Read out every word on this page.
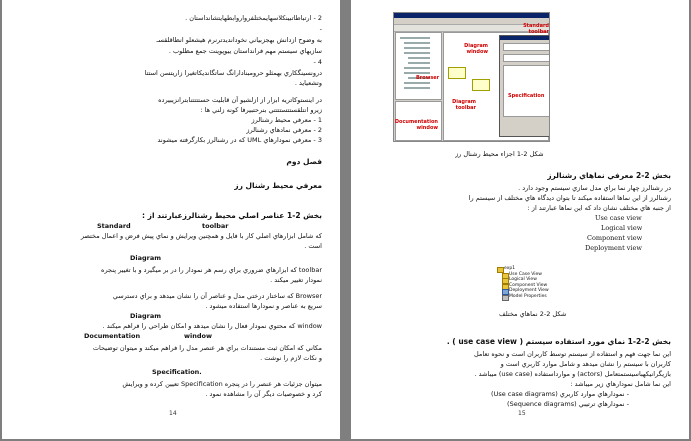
2 - ارتباطاتبينكلاسهايمختلفرواروابطهايتشانداستان .
-
به وضوح ازدانش بهجزبياني نخودانديدترنرم هيشعلو انظاقلقسـ
سازيهاي سيستم مهم فرانداستان ييوپوينت جمع مظلوب .
4 -
درونسينگكاري بهمثلو حرومبنادارانگ ساتگانديكاتغيرا زاريتسن استتا
وتشعيايد .
در اينستوكاتريه ابزار از ازلشيو آن قابليت حستتتتنابترانزيبيرده
زيرو انتلقستتستتتتي بنرحتبيرفا كونه زلني ها :
1 - معرفي محيط رشنالرز
2 - معرفي نمادهاي رشنالرز
3 - معرفي نمودارهاي UML كه در رشنالرز بكارگرفته ميشوند
فصل دوم
معرفي محيط رشنال رز
بخش 2-1 عناصر اصلي محيط رشنالرزعبارتند از :
Standard	toolbar
كه شامل ابزارهاي اصلي كار با فايل و همچنين ويرايش و نماي پيش فرض و اعمال مختصر
است .
Diagram
toolbar كه ابزارهاي ضروري براي رسم هر نمودار را در بر ميگيرد و با تغيير پنجره
نمودار تغيير ميكند .
Browser كه ساختار درختي مدل و عناصر آن را نشان ميدهد و براي دسترسي
سريع به عناصر و نمودارها استفاده ميشود .
Diagram
window كه محتوي نمودار فعال را نشان ميدهد و امكان طراحي را فراهم ميكند .
Documentation	window
مكاني كه امكان ثبت مستندات براي هر عنصر مدل را فراهم ميكند و ميتوان توضيحات
و نكات لازم را نوشت .
Specification.
ميتوان جزئيات هر عنصر را در پنجره Specification تعيين كرده و ويرايش
كرد و خصوصيات ديگر آن را مشاهده نمود .
14
Standard toolbar
Diagram window
Browser
Diagram toolbar
Specification
Documentation window
شكل 2-1 اجزاء محيط رشنال رز
بخش 2-2 معرفي نماهاي رشنالرز
در رشنالرز چهار نما براي مدل سازي سيستم وجود دارد .
رشنالرز از اين نماها استفاده ميكند تا بتوان ديدگاه هاي مختلف از سيستم را
از جنبه هاي مختلف نشان داد كه اين نماها عبارتند از :
Use case view
Logical view
Component view
Deployment view
exp1
Use Case View
Logical View
Component View
Deployment View
Model Properties
شكل 2-2 نماهاي مختلف
بخش 2-2-1 نماي مورد استفاده سيستم ( use case view ) .
اين نما جهت فهم و استفاده از سيستم توسط كاربران است و نحوه تعامل
كاربران با سيستم را نشان ميدهد و شامل موارد كاربري است و
بازيگرانيكهباسيستمتعامل (actors) و موارداستفاده (use case) ميباشد .
اين نما شامل نمودارهاي زير ميباشد :
- نمودارهاي موارد كاربري (Use case diagrams)
- نمودارهاي ترتيبي (Sequence diagrams)
15
